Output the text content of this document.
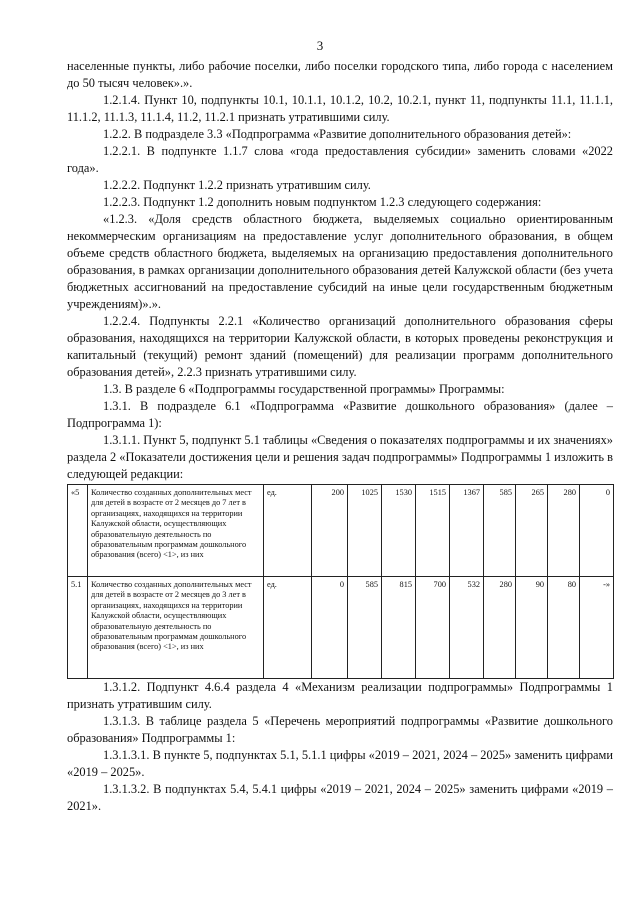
3

населенные пункты, либо рабочие поселки, либо поселки городского типа, либо города с населением до 50 тысяч человек».».

1.2.1.4. Пункт 10, подпункты 10.1, 10.1.1, 10.1.2, 10.2, 10.2.1, пункт 11, подпункты 11.1, 11.1.1, 11.1.2, 11.1.3, 11.1.4, 11.2, 11.2.1 признать утратившими силу.

1.2.2. В подразделе 3.3 «Подпрограмма «Развитие дополнительного образования детей»:

1.2.2.1. В подпункте 1.1.7 слова «года предоставления субсидии» заменить словами «2022 года».

1.2.2.2. Подпункт 1.2.2 признать утратившим силу.

1.2.2.3. Подпункт 1.2 дополнить новым подпунктом 1.2.3 следующего содержания:

«1.2.3. «Доля средств областного бюджета, выделяемых социально ориентированным некоммерческим организациям на предоставление услуг дополнительного образования, в общем объеме средств областного бюджета, выделяемых на организацию предоставления дополнительного образования, в рамках организации дополнительного образования детей Калужской области (без учета бюджетных ассигнований на предоставление субсидий на иные цели государственным бюджетным учреждениям)».».

1.2.2.4. Подпункты 2.2.1 «Количество организаций дополнительного образования сферы образования, находящихся на территории Калужской области, в которых проведены реконструкция и капитальный (текущий) ремонт зданий (помещений) для реализации программ дополнительного образования детей», 2.2.3 признать утратившими силу.

1.3. В разделе 6 «Подпрограммы государственной программы» Программы:

1.3.1. В подразделе 6.1 «Подпрограмма «Развитие дошкольного образования» (далее – Подпрограмма 1):

1.3.1.1. Пункт 5, подпункт 5.1 таблицы «Сведения о показателях подпрограммы и их значениях» раздела 2 «Показатели достижения цели и решения задач подпрограммы» Подпрограммы 1 изложить в следующей редакции:

«5	Количество созданных дополнительных мест для детей в возрасте от 2 месяцев до 7 лет в организациях, находящихся на территории Калужской области, осуществляющих образовательную деятельность по образовательным программам дошкольного образования (всего) <1>, из них	ед.	200	1025	1530	1515	1367	585	265	280	0
5.1	Количество созданных дополнительных мест для детей в возрасте от 2 месяцев до 3 лет в организациях, находящихся на территории Калужской области, осуществляющих образовательную деятельность по образовательным программам дошкольного образования (всего) <1>, из них	ед.	0	585	815	700	532	280	90	80	-»

1.3.1.2. Подпункт 4.6.4 раздела 4 «Механизм реализации подпрограммы» Подпрограммы 1 признать утратившим силу.

1.3.1.3. В таблице раздела 5 «Перечень мероприятий подпрограммы «Развитие дошкольного образования» Подпрограммы 1:

1.3.1.3.1. В пункте 5, подпунктах 5.1, 5.1.1 цифры «2019 – 2021, 2024 – 2025» заменить цифрами «2019 – 2025».

1.3.1.3.2. В подпунктах 5.4, 5.4.1 цифры «2019 – 2021, 2024 – 2025» заменить цифрами «2019 – 2021».
